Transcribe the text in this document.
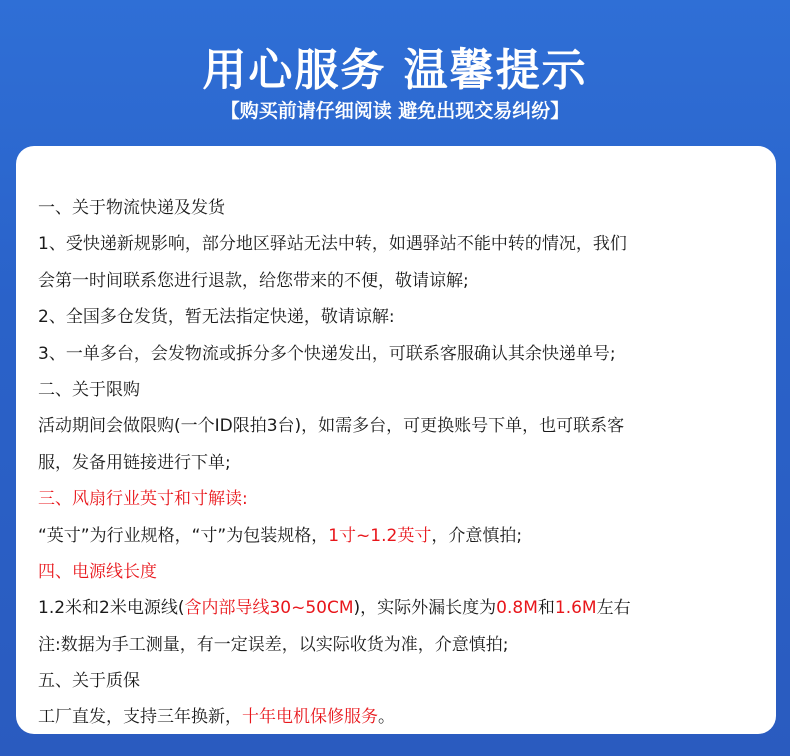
用心服务 温馨提示
【购买前请仔细阅读 避免出现交易纠纷】
一、关于物流快递及发货
1、受快递新规影响，部分地区驿站无法中转，如遇驿站不能中转的情况，我们
会第一时间联系您进行退款，给您带来的不便，敬请谅解;
2、全国多仓发货，暂无法指定快递，敬请谅解:
3、一单多台，会发物流或拆分多个快递发出，可联系客服确认其余快递单号;
二、关于限购
活动期间会做限购(一个ID限拍3台)，如需多台，可更换账号下单，也可联系客
服，发备用链接进行下单;
三、风扇行业英寸和寸解读:
“英寸”为行业规格，“寸”为包装规格，1寸~1.2英寸，介意慎拍;
四、电源线长度
1.2米和2米电源线(含内部导线30~50CM)，实际外漏长度为0.8M和1.6M左右
注:数据为手工测量，有一定误差，以实际收货为准，介意慎拍;
五、关于质保
工厂直发，支持三年换新，十年电机保修服务。
